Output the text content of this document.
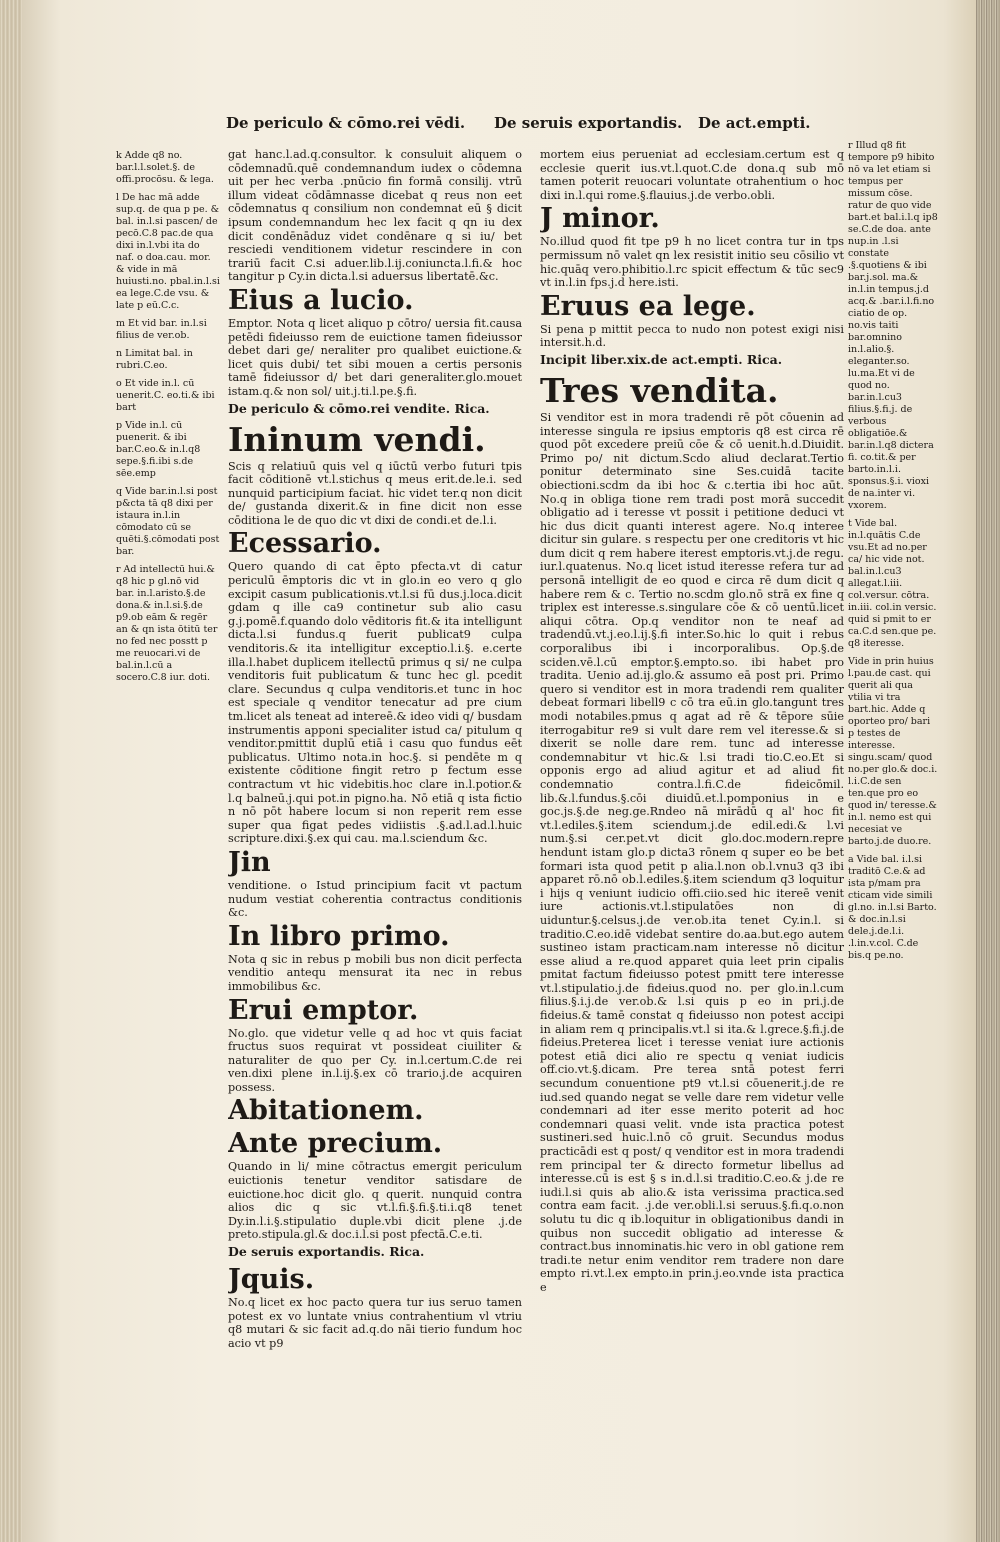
De periculo & cōmo.rei vēdi. De seruis exportandis. De act.empti.

k Adde q8 no. bar.l.l.solet.§. de offi.procōsu. & lega.

l De hac mā adde sup.q. de qua p pe. & bal. in.l.si pascen/ de pecō.C.8 pac.de qua dixi in.l.vbi ita do naf. o doa.cau. mor. & vide in mā huiusti.no. pbal.in.l.si ea lege.C.de vsu. & late p eū.C.c.

m Et vid bar. in.l.si filius de ver.ob.

n Limitat bal. in rubri.C.eo.

o Et vide in.l. cū uenerit.C. eo.ti.& ibi bart

p Vide in.l. cū puenerit. & ibi bar.C.eo.& in.l.q8 sepe.§.fi.ibi s.de sēe.emp

q Vide bar.in.l.si post p&cta tā q8 dixi per istaura in.l.in cōmodato cū se quēti.§.cōmodati post bar.

r Ad intellectū hui.& q8 hic p gl.nō vid bar. in.l.aristo.§.de dona.& in.l.si.§.de p9.ob eām & regēr an & qn ista ōtitū ter no fed nec posstt p me reuocari.vi de bal.in.l.cū a socero.C.8 iur. doti.

gat hanc.l.ad.q.consultor. k consuluit aliquem o cōdemnadū.quē condemnandum iudex o cōdemna uit per hec verba .pnūcio fin formā consilij. vtrū illum videat cōdāmnasse dicebat q reus non eet cōdemnatus q consilium non condemnat eū § dicit ipsum condemnandum hec lex facit q qn iu dex dicit condēnāduz videt condēnare q si iu/ bet resciedi venditionem videtur rescindere in con trariū facit C.si aduer.lib.l.ij.coniuncta.l.fi.& hoc tangitur p Cy.in dicta.l.si aduersus libertatē.&c.

Eius a lucio.

Emptor. Nota q licet aliquo p cōtro/ uersia fit.causa petēdi fideiusso rem de euictione tamen fideiussor debet dari ge/ neraliter pro qualibet euictione.& licet quis dubi/ tet sibi mouen a certis personis tamē fideiussor d/ bet dari generaliter.glo.mouet istam.q.& non sol/ uit.j.ti.l.pe.§.fi.

De periculo & cōmo.rei vendite. Rica.
Ininum vendi.

Scis q relatiuū quis vel q iūctū verbo futuri tpis facit cōditionē vt.l.stichus q meus erit.de.le.i. sed nunquid participium faciat. hic videt ter.q non dicit de/ gustanda dixerit.& in fine dicit non esse cōditiona le de quo dic vt dixi de condi.et de.l.i.

Ecessario.

Quero quando di cat ēpto pfecta.vt di catur periculū ēmptoris dic vt in glo.in eo vero q glo excipit casum publicationis.vt.l.si fū dus.j.loca.dicit gdam q ille ca9 continetur sub alio casu g.j.pomē.f.quando dolo vēditoris fit.& ita intelligunt dicta.l.si fundus.q fuerit publicat9 culpa venditoris.& ita intelligitur exceptio.l.i.§. e.certe illa.l.habet duplicem itellectū primus q si/ ne culpa venditoris fuit publicatum & tunc hec gl. pcedit clare. Secundus q culpa venditoris.et tunc in hoc est speciale q venditor tenecatur ad pre cium tm.licet als teneat ad intereē.& ideo vidi q/ busdam instrumentis apponi specialiter istud ca/ pitulum q venditor.pmittit duplū etiā i casu quo fundus eēt publicatus. Ultimo nota.in hoc.§. si pendēte m q existente cōditione fingit retro p fectum esse contractum vt hic videbitis.hoc clare in.l.potior.& l.q balneū.j.qui pot.in pigno.ha. Nō etiā q ista fictio n nō pōt habere locum si non reperit rem esse super qua figat pedes vidiistis .§.ad.l.ad.l.huic scripture.dixi.§.ex qui cau. ma.l.sciendum &c.

Jin

venditione. o Istud principium facit vt pactum nudum vestiat coherentia contractus conditionis &c.

In libro primo.

Nota q sic in rebus p mobili bus non dicit perfecta venditio antequ mensurat ita nec in rebus immobilibus &c.

Erui emptor.

No.glo. que videtur velle q ad hoc vt quis faciat fructus suos requirat vt possideat ciuiliter & naturaliter de quo per Cy. in.l.certum.C.de rei ven.dixi plene in.l.ij.§.ex cō trario.j.de acquiren possess.

Abitationem.
Ante precium.

Quando in li/ mine cōtractus emergit periculum euictionis tenetur venditor satisdare de euictione.hoc dicit glo. q querit. nunquid contra alios dic q sic vt.l.fi.§.fi.§.ti.i.q8 tenet Dy.in.l.i.§.stipulatio duple.vbi dicit plene .j.de preto.stipula.gl.& doc.i.l.si post pfectā.C.e.ti.

De seruis exportandis. Rica.
Jquis.

No.q licet ex hoc pacto quera tur ius seruo tamen potest ex vo luntate vnius contrahentium vl vtriu q8 mutari & sic facit ad.q.do nāi tierio fundum hoc acio vt p9

mortem eius perueniat ad ecclesiam.certum est q ecclesie querit ius.vt.l.quot.C.de dona.q sub mō tamen poterit reuocari voluntate otrahentium o hoc dixi in.l.qui rome.§.flauius.j.de verbo.obli.

J minor.

No.illud quod fit tpe p9 h no licet contra tur in tps permissum nō valet qn lex resistit initio seu cōsilio vt hic.quāq vero.phibitio.l.rc spicit effectum & tūc sec9 vt in.l.in fps.j.d here.isti.

Eruus ea lege.

Si pena p mittit pecca to nudo non potest exigi nisi intersit.h.d.

Incipit liber.xix.de act.empti. Rica.
Tres vendita.

Si venditor est in mora tradendi rē pōt cōuenin ad interesse singula re ipsius emptoris q8 est circa rē quod pōt excedere preiū cōe & cō uenit.h.d.Diuidit. Primo po/ nit dictum.Scdo aliud declarat.Tertio ponitur determinato sine Ses.cuidā tacite obiectioni.scdm da ibi hoc & c.tertia ibi hoc aūt. No.q in obliga tione rem tradi post morā succedit obligatio ad i teresse vt possit i petitione deduci vt hic dus dicit quanti interest agere. No.q interee dicitur sin gulare. s respectu per one creditoris vt hic dum dicit q rem habere iterest emptoris.vt.j.de regu. iur.l.quatenus. No.q licet istud iteresse refera tur ad personā intelligit de eo quod e circa rē dum dicit q habere rem & c. Tertio no.scdm glo.nō strā ex fine q triplex est interesse.s.singulare cōe & cō uentū.licet aliqui cōtra. Op.q venditor non te neaf ad tradendū.vt.j.eo.l.ij.§.fi inter.So.hic lo quit i rebus corporalibus ibi i incorporalibus. Op.§.de sciden.vē.l.cū emptor.§.empto.so. ibi habet pro tradita. Uenio ad.ij.glo.& assumo eā post pri. Primo quero si venditor est in mora tradendi rem qualiter debeat formari libell9 c cō tra eū.in glo.tangunt tres modi notabiles.pmus q agat ad rē & tēpore sūie iterrogabitur re9 si vult dare rem vel iteresse.& si dixerit se nolle dare rem. tunc ad interesse condemnabitur vt hic.& l.si tradi tio.C.eo.Et si opponis ergo ad aliud agitur et ad aliud fit condemnatio contra.l.fi.C.de fideicōmil. lib.&.l.fundus.§.cōi diuidū.et.l.pomponius in e goc.js.§.de neg.ge.Rndeo nā mirādū q al' hoc fit vt.l.ediles.§.item sciendum.j.de edil.edi.& l.vi num.§.si cer.pet.vt dicit glo.doc.modern.repre hendunt istam glo.p dicta3 rōnem q super eo be bet formari ista quod petit p alia.l.non ob.l.vnu3 q3 ibi apparet rō.nō ob.l.ediles.§.item sciendum q3 loquitur i hijs q veniunt iudicio offi.ciio.sed hic itereē venit iure actionis.vt.l.stipulatōes non di uiduntur.§.celsus.j.de ver.ob.ita tenet Cy.in.l. si traditio.C.eo.idē videbat sentire do.aa.but.ego autem sustineo istam practicam.nam interesse nō dicitur esse aliud a re.quod apparet quia leet prin cipalis pmitat factum fideiusso potest pmitt tere interesse vt.l.stipulatio.j.de fideius.quod no. per glo.in.l.cum filius.§.i.j.de ver.ob.& l.si quis p eo in pri.j.de fideius.& tamē constat q fideiusso non potest accipi in aliam rem q principalis.vt.l si ita.& l.grece.§.fi.j.de fideius.Preterea licet i teresse veniat iure actionis potest etiā dici alio re spectu q veniat iudicis off.cio.vt.§.dicam. Pre terea sntā potest ferri secundum conuentione pt9 vt.l.si cōuenerit.j.de re iud.sed quando negat se velle dare rem videtur velle condemnari ad iter esse merito poterit ad hoc condemnari quasi velit. vnde ista practica potest sustineri.sed huic.l.nō cō gruit. Secundus modus practicādi est q post/ q venditor est in mora tradendi rem principal ter & directo formetur libellus ad interesse.cū is est § s in.d.l.si traditio.C.eo.& j.de re iudi.l.si quis ab alio.& ista verissima practica.sed contra eam facit. .j.de ver.obli.l.si seruus.§.fi.q.o.non solutu tu dic q ib.loquitur in obligationibus dandi in quibus non succedit obligatio ad interesse & contract.bus innominatis.hic vero in obl gatione rem tradi.te netur enim venditor rem tradere non dare empto ri.vt.l.ex empto.in prin.j.eo.vnde ista practica e

r Illud q8 fit tempore p9 hibito nō va let etiam si tempus per missum cōse. ratur de quo vide bart.et bal.i.l.q ip8 se.C.de doa. ante nup.in .l.si constate .§.quotiens & ibi bar.j.sol. ma.& in.l.in tempus.j.d acq.& .bar.i.l.fi.no ciatio de op. no.vis taiti bar.omnino in.l.alio.§. eleganter.so. lu.ma.Et vi de quod no. bar.in.l.cu3 filius.§.fi.j. de verbous obligatiōe.& bar.in.l.q8 dictera fi. co.tit.& per barto.in.l.i. sponsus.§.i. vioxi de na.inter vi. vxorem.

t Vide bal. in.l.quātis C.de vsu.Et ad no.per ca/ hic vide not. bal.in.l.cu3 allegat.l.iii. col.versur. cōtra. in.iii. col.in versic. quid si pmit to er ca.C.d sen.que pe. q8 iteresse.

Vide in prin huius l.pau.de cast. qui querit ali qua vtilia vi tra bart.hic. Adde q oporteo pro/ bari p testes de interesse. singu.scam/ quod no.per glo.& doc.i. l.i.C.de sen ten.que pro eo quod in/ teresse.& in.l. nemo est qui necesiat ve barto.j.de duo.re.

a Vide bal. i.l.si traditō C.e.& ad ista p/mam pra cticam vide simili gl.no. in.l.si Barto. & doc.in.l.si dele.j.de.l.i. .l.in.v.col. C.de bis.q pe.no.
